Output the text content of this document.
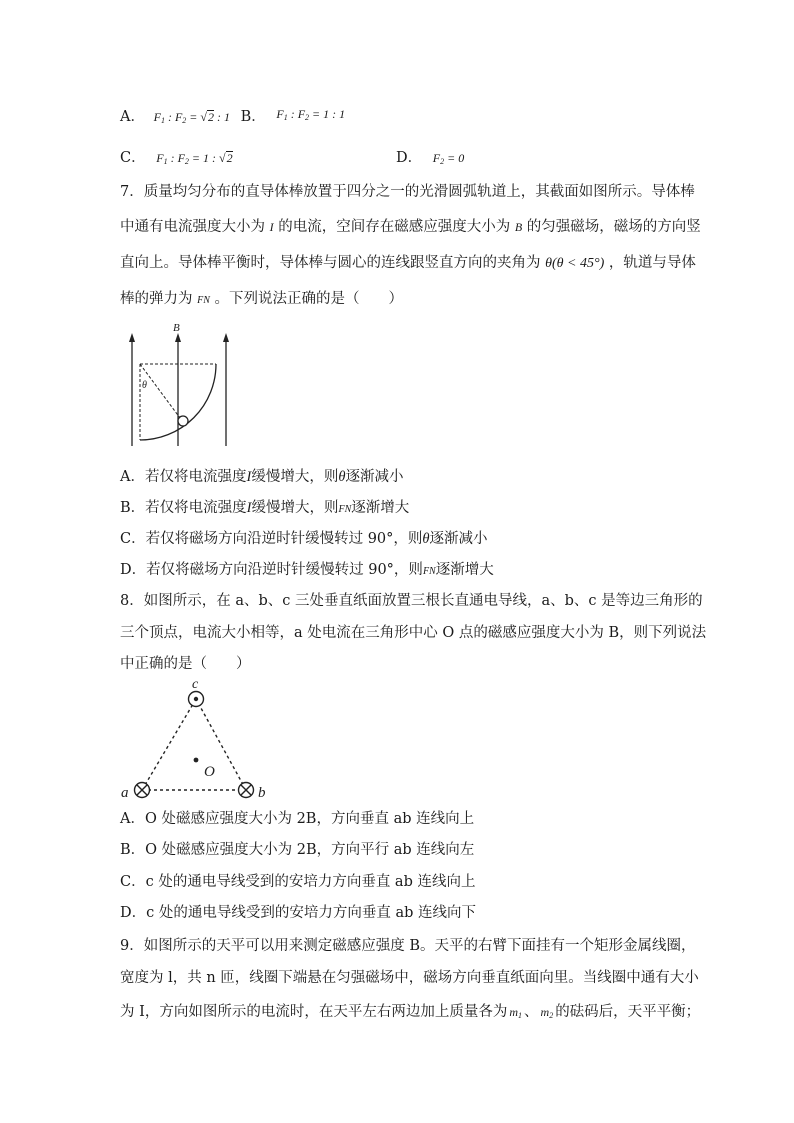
A． $F_1$ : $F_2 = √2$ : 1 B． $^{F_1 : F_2 = 1 : 1}$
C． $F_1$ : $F_2 = 1$ : √2	D． $F_2 = 0$
7．质量均匀分布的直导体棒放置于四分之一的光滑圆弧轨道上，其截面如图所示。导体棒
中通有电流强度大小为 I 的电流，空间存在磁感应强度大小为 B 的匀强磁场，磁场的方向竖
直向上。导体棒平衡时，导体棒与圆心的连线跟竖直方向的夹角为 θ(θ < 45°) ，轨道与导体
棒的弹力为 FN 。下列说法正确的是（　　）
B
θ
A．若仅将电流强度I缓慢增大，则θ逐渐减小
B．若仅将电流强度I缓慢增大，则FN逐渐增大
C．若仅将磁场方向沿逆时针缓慢转过 90°，则θ逐渐减小
D．若仅将磁场方向沿逆时针缓慢转过 90°，则FN逐渐增大
8．如图所示，在 a、b、c 三处垂直纸面放置三根长直通电导线，a、b、c 是等边三角形的
三个顶点，电流大小相等，a 处电流在三角形中心 O 点的磁感应强度大小为 B，则下列说法
中正确的是（　　）
c
a	b
O
A．O 处磁感应强度大小为 2B，方向垂直 ab 连线向上
B．O 处磁感应强度大小为 2B，方向平行 ab 连线向左
C．c 处的通电导线受到的安培力方向垂直 ab 连线向上
D．c 处的通电导线受到的安培力方向垂直 ab 连线向下
9．如图所示的天平可以用来测定磁感应强度 B。天平的右臂下面挂有一个矩形金属线圈，
宽度为 l，共 n 匝，线圈下端悬在匀强磁场中，磁场方向垂直纸面向里。当线圈中通有大小
为 I，方向如图所示的电流时，在天平左右两边加上质量各为 $m_1$ 、 $m_2$ 的砝码后，天平平衡；
